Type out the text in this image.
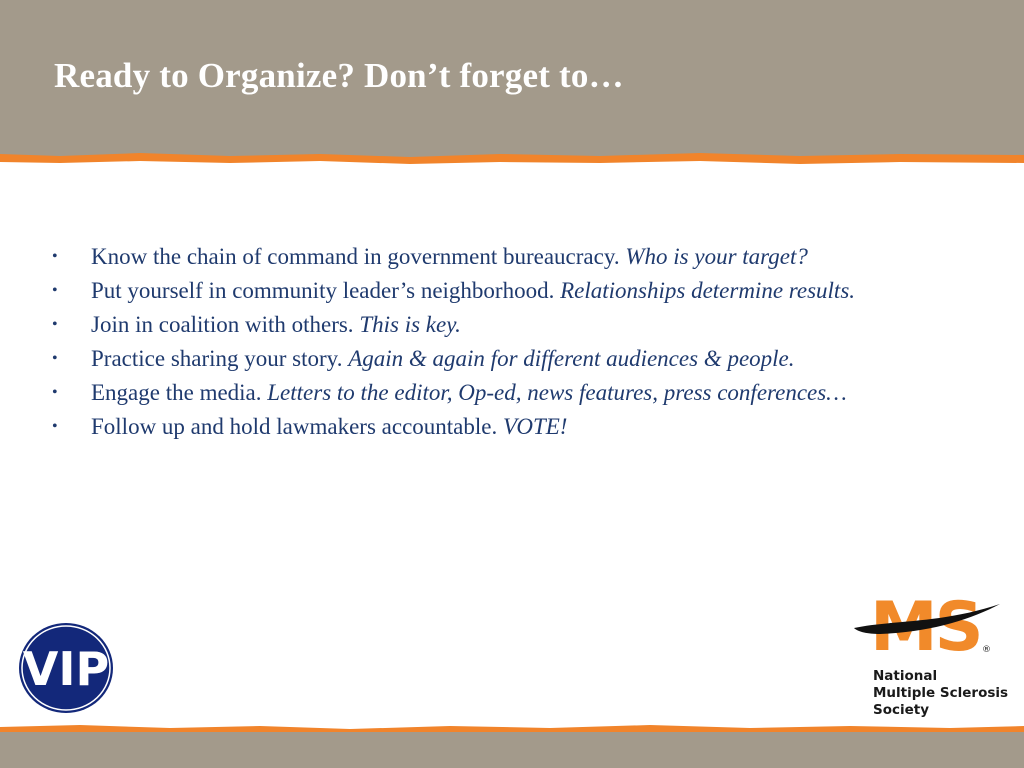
Ready to Organize? Don’t forget to…
• Know the chain of command in government bureaucracy. Who is your target?
• Put yourself in community leader’s neighborhood. Relationships determine results.
• Join in coalition with others. This is key.
• Practice sharing your story. Again & again for different audiences & people.
• Engage the media. Letters to the editor, Op-ed, news features, press conferences…
• Follow up and hold lawmakers accountable. VOTE!
VIP
MS ®
National
Multiple Sclerosis
Society
